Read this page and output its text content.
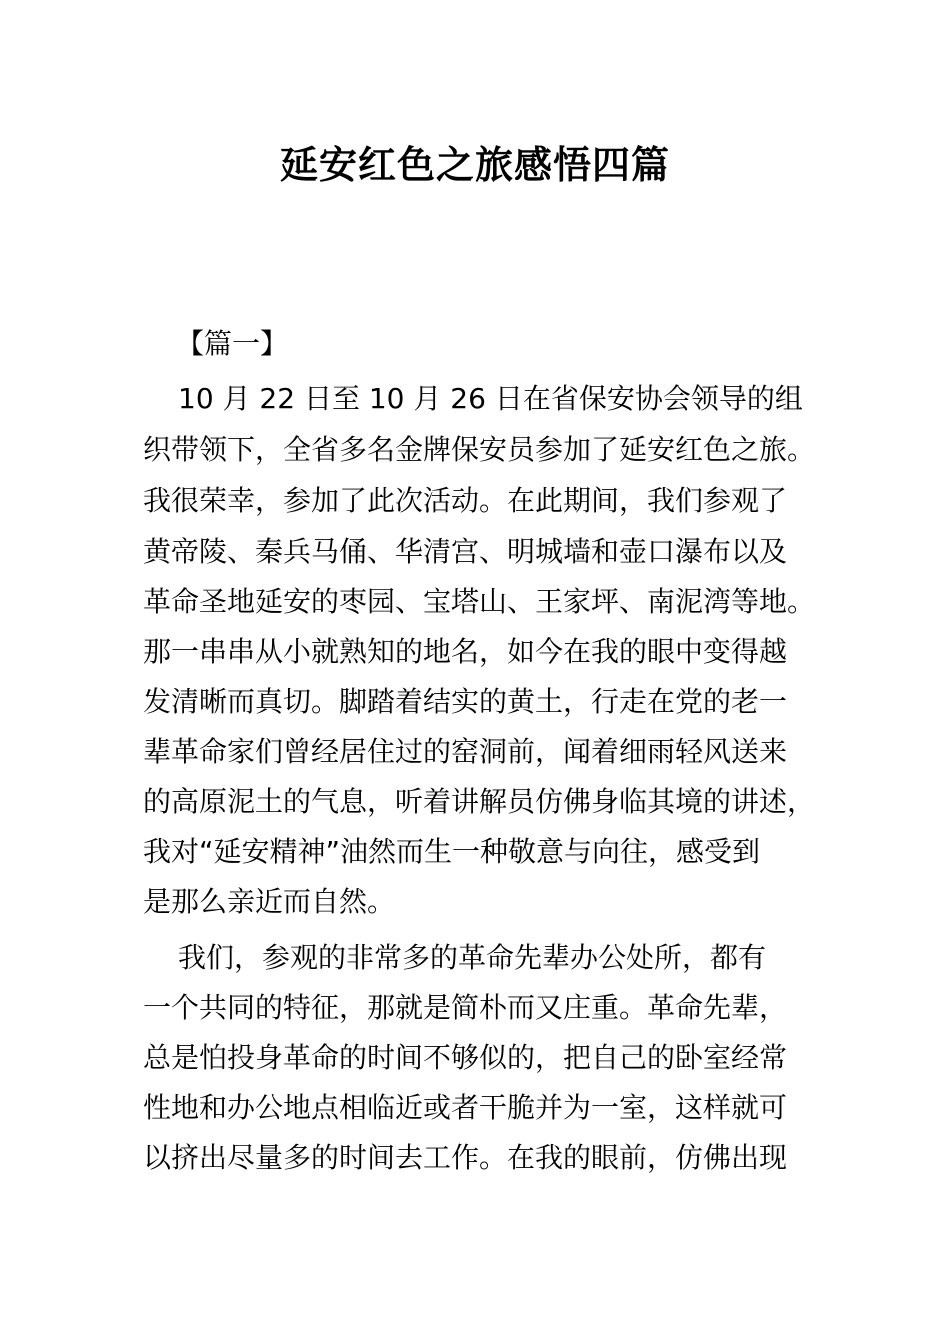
延安红色之旅感悟四篇
【篇一】
10 月 22 日至 10 月 26 日在省保安协会领导的组
织带领下，全省多名金牌保安员参加了延安红色之旅。
我很荣幸，参加了此次活动。在此期间，我们参观了
黄帝陵、秦兵马俑、华清宫、明城墙和壶口瀑布以及
革命圣地延安的枣园、宝塔山、王家坪、南泥湾等地。
那一串串从小就熟知的地名，如今在我的眼中变得越
发清晰而真切。脚踏着结实的黄土，行走在党的老一
辈革命家们曾经居住过的窑洞前，闻着细雨轻风送来
的高原泥土的气息，听着讲解员仿佛身临其境的讲述，
我对“延安精神”油然而生一种敬意与向往，感受到
是那么亲近而自然。
我们，参观的非常多的革命先辈办公处所，都有
一个共同的特征，那就是简朴而又庄重。革命先辈，
总是怕投身革命的时间不够似的，把自己的卧室经常
性地和办公地点相临近或者干脆并为一室，这样就可
以挤出尽量多的时间去工作。在我的眼前，仿佛出现
